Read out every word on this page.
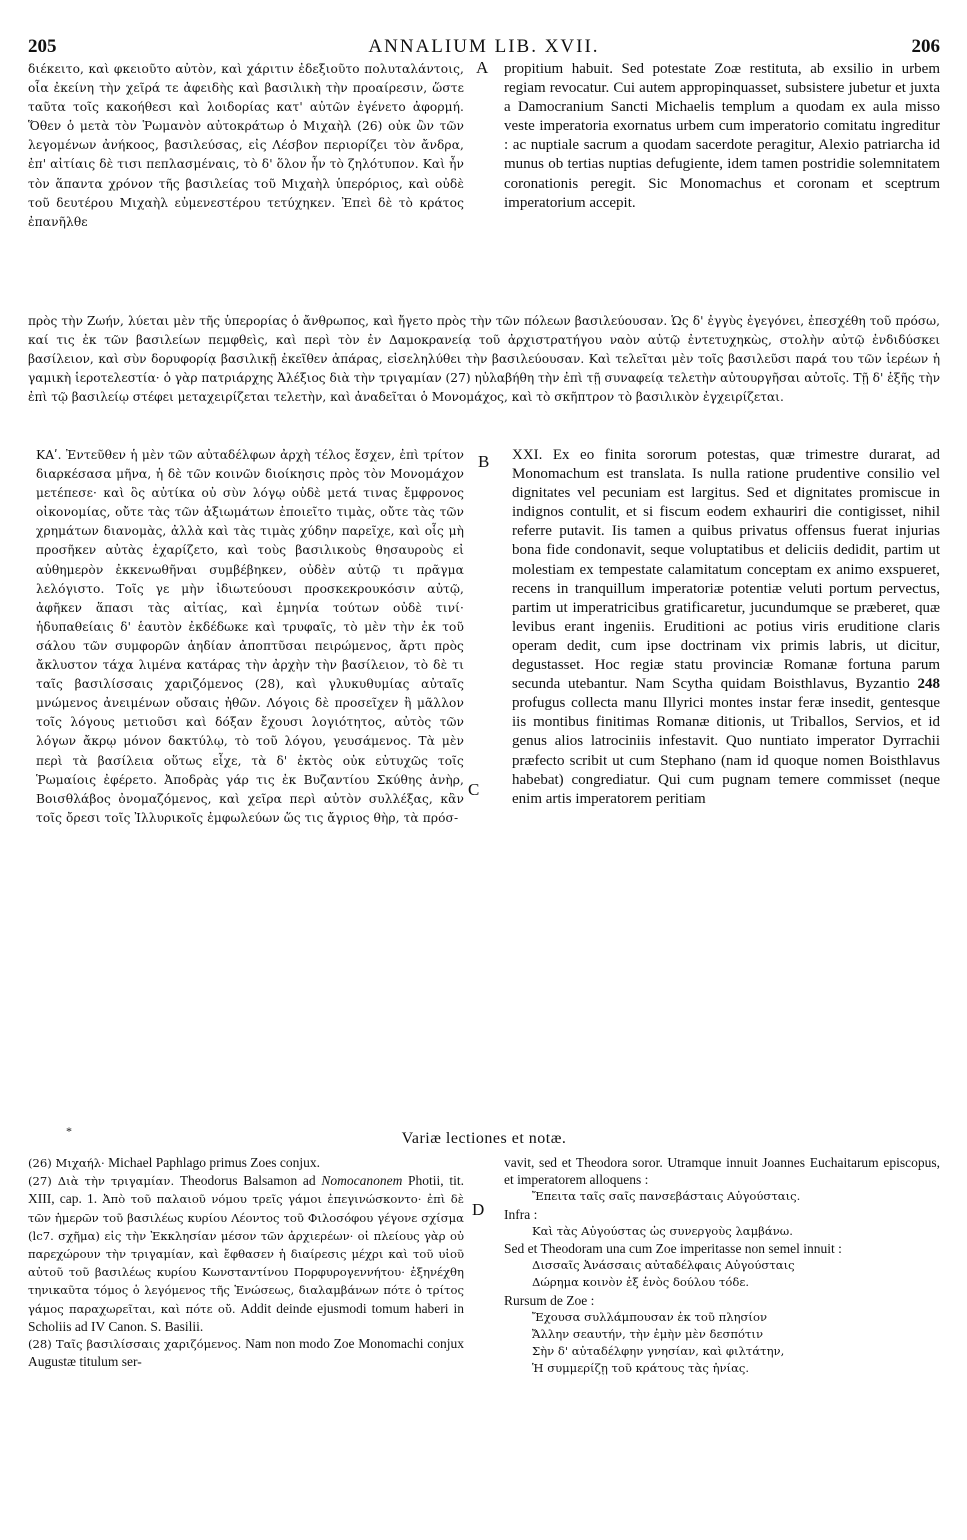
205	ANNALIUM LIB. XVII.	206

διέκειτο, καὶ φκειοῦτο αὐτὸν, καὶ χάριτιν ἐδεξιοῦτο πολυταλάντοις, οἷα ἐκείνη τὴν χεῖρά τε ἀφειδὴς καὶ βασιλικὴ τὴν προαίρεσιν, ὥστε ταῦτα τοῖς κακοήθεσι καὶ λοιδορίας κατ' αὐτῶν ἐγένετο ἀφορμή. Ὅθεν ὁ μετὰ τὸν Ῥωμανὸν αὐτοκράτωρ ὁ Μιχαὴλ (26) οὐκ ὢν τῶν λεγομένων ἀνήκοος, βασιλεύσας, εἰς Λέσβον περιορίζει τὸν ἄνδρα, ἐπ' αἰτίαις δὲ τισι πεπλασμέναις, τὸ δ' ὅλον ἦν τὸ ζηλότυπον. Καὶ ἦν τὸν ἅπαντα χρόνον τῆς βασιλείας τοῦ Μιχαὴλ ὑπερόριος, καὶ οὐδὲ τοῦ δευτέρου Μιχαὴλ εὐμενεστέρου τετύχηκεν. Ἐπεὶ δὲ τὸ κράτος ἐπανῆλθε

A propitium habuit. Sed potestate Zoæ restituta, ab exsilio in urbem regiam revocatur. Cui autem appropinquasset, subsistere jubetur et juxta a Damocranium Sancti Michaelis templum a quodam ex aula misso veste imperatoria exornatus urbem cum imperatorio comitatu ingreditur : ac nuptiale sacrum a quodam sacerdote peragitur, Alexio patriarcha id munus ob tertias nuptias defugiente, idem tamen postridie solemnitatem coronationis peregit. Sic Monomachus et coronam et sceptrum imperatorium accepit.

πρὸς τὴν Ζωήν, λύεται μὲν τῆς ὑπερορίας ὁ ἄνθρωπος, καὶ ἤγετο πρὸς τὴν τῶν πόλεων βασιλεύουσαν. Ὡς δ' ἐγγὺς ἐγεγόνει, ἐπεσχέθη τοῦ πρόσω, καί τις ἐκ τῶν βασιλείων πεμφθεὶς, καὶ περὶ τὸν ἐν Δαμοκρανείᾳ τοῦ ἀρχιστρατήγου ναὸν αὐτῷ ἐντετυχηκὼς, στολὴν αὐτῷ ἐνδιδύσκει βασίλειον, καὶ σὺν δορυφορίᾳ βασιλικῇ ἐκεῖθεν ἀπάρας, εἰσεληλύθει τὴν βασιλεύουσαν. Καὶ τελεῖται μὲν τοῖς βασιλεῦσι παρά του τῶν ἱερέων ἡ γαμικὴ ἱεροτελεστία· ὁ γὰρ πατριάρχης Ἀλέξιος διὰ τὴν τριγαμίαν (27) ηὐλαβήθη τὴν ἐπὶ τῇ συναφείᾳ τελετὴν αὐτουργῆσαι αὐτοῖς. Τῇ δ' ἑξῆς τὴν ἐπὶ τῷ βασιλείῳ στέφει μεταχειρίζεται τελετὴν, καὶ ἀναδεῖται ὁ Μονομάχος, καὶ τὸ σκῆπτρον τὸ βασιλικὸν ἐγχειρίζεται.

ΚΑʹ. Ἐντεῦθεν ἡ μὲν τῶν αὐταδέλφων ἀρχὴ τέλος ἔσχεν, ἐπὶ τρίτον διαρκέσασα μῆνα, ἡ δὲ τῶν κοινῶν διοίκησις πρὸς τὸν Μονομάχον μετέπεσε· καὶ ὃς αὐτίκα οὐ σὺν λόγῳ οὐδὲ μετά τινας ἔμφρονος οἰκονομίας, οὔτε τὰς τῶν ἀξιωμάτων ἐποιεῖτο τιμὰς, οὔτε τὰς τῶν χρημάτων διανομὰς, ἀλλὰ καὶ τὰς τιμὰς χύδην παρεῖχε, καὶ οἷς μὴ προσῆκεν αὐτὰς ἐχαρίζετο, καὶ τοὺς βασιλικοὺς θησαυροὺς εἰ αὐθημερὸν ἐκκενωθῆναι συμβέβηκεν, οὐδὲν αὐτῷ τι πρᾶγμα λελόγιστο. Τοῖς γε μὴν ἰδιωτεύουσι προσκεκρουκόσιν αὐτῷ, ἀφῆκεν ἅπασι τὰς αἰτίας, καὶ ἐμηνία τούτων οὐδὲ τινί· ἡδυπαθείαις δ' ἑαυτὸν ἐκδέδωκε καὶ τρυφαῖς, τὸ μὲν τὴν ἐκ τοῦ σάλου τῶν συμφορῶν ἀηδίαν ἀποπτῦσαι πειρώμενος, ἄρτι πρὸς ἄκλυστον τάχα λιμένα κατάρας τὴν ἀρχὴν τὴν βασίλειον, τὸ δὲ τι ταῖς βασιλίσσαις χαριζόμενος (28), καὶ γλυκυθυμίας αὐταῖς μνώμενος ἀνειμένων οὔσαις ἠθῶν. Λόγοις δὲ προσεῖχεν ἢ μᾶλλον τοῖς λόγους μετιοῦσι καὶ δόξαν ἔχουσι λογιότητος, αὐτὸς τῶν λόγων ἄκρῳ μόνον δακτύλῳ, τὸ τοῦ λόγου, γευσάμενος. Τὰ μὲν περὶ τὰ βασίλεια οὕτως εἶχε, τὰ δ' ἐκτὸς οὐκ εὐτυχῶς τοῖς Ῥωμαίοις ἐφέρετο. Ἀποδρὰς γάρ τις ἐκ Βυζαντίου Σκύθης ἀνὴρ, Βοισθλάβος ὀνομαζόμενος, καὶ χεῖρα περὶ αὐτὸν συλλέξας, κἂν τοῖς ὄρεσι τοῖς Ἰλλυρικοῖς ἐμφωλεύων ὥς τις ἄγριος θὴρ, τὰ πρόσ-

B
C

XXI. Ex eo finita sororum potestas, quæ trimestre durarat, ad Monomachum est translata. Is nulla ratione prudentive consilio vel dignitates vel pecuniam est largitus. Sed et dignitates promiscue in indignos contulit, et si fiscum eodem exhauriri die contigisset, nihil referre putavit. Iis tamen a quibus privatus offensus fuerat injurias bona fide condonavit, seque voluptatibus et deliciis dedidit, partim ut molestiam ex tempestate calamitatum conceptam ex animo exspueret, recens in tranquillum imperatoriæ potentiæ veluti portum pervectus, partim ut imperatricibus gratificaretur, jucundumque se præberet, quæ levibus erant ingeniis. Eruditioni ac potius viris eruditione claris operam dedit, cum ipse doctrinam vix primis labris, ut dicitur, degustasset. Hoc regiæ statu provinciæ Romanæ fortuna parum secunda utebantur. Nam Scytha quidam Boisthlavus, Byzantio 248 profugus collecta manu Illyrici montes instar feræ insedit, gentesque iis montibus finitimas Romanæ ditionis, ut Triballos, Servios, et id genus alios latrociniis infestavit. Quo nuntiato imperator Dyrrachii præfecto scribit ut cum Stephano (nam id quoque nomen Boisthlavus habebat) congrediatur. Qui cum pugnam temere commisset (neque enim artis imperatorem peritiam

*	Variæ lectiones et notæ.

(26) Μιχαήλ· Michael Paphlago primus Zoes conjux.

(27) Διὰ τὴν τριγαμίαν. Theodorus Balsamon ad Nomocanonem Photii, tit. XIII, cap. 1. Ἀπὸ τοῦ παλαιοῦ νόμου τρεῖς γάμοι ἐπεγινώσκοντο· ἐπὶ δὲ τῶν ἡμερῶν τοῦ βασιλέως κυρίου Λέοντος τοῦ Φιλοσόφου γέγονε σχίσμα (lc7. σχῆμα) εἰς τὴν Ἐκκλησίαν μέσον τῶν ἀρχιερέων· οἱ πλείους γὰρ οὐ παρεχώρουν τὴν τριγαμίαν, καὶ ἔφθασεν ἡ διαίρεσις μέχρι καὶ τοῦ υἱοῦ αὐτοῦ τοῦ βασιλέως κυρίου Κωνσταντίνου Πορφυρογεννήτου· ἐξηνέχθη τηνικαῦτα τόμος ὁ λεγόμενος τῆς Ἑνώσεως, διαλαμβάνων πότε ὁ τρίτος γάμος παραχωρεῖται, καὶ πότε οὔ. Addit deinde ejusmodi tomum haberi in Scholiis ad IV Canon. S. Basilii.

(28) Ταῖς βασιλίσσαις χαριζόμενος. Nam non modo Zoe Monomachi conjux Augustæ titulum ser-

D

vavit, sed et Theodora soror. Utramque innuit Joannes Euchaitarum episcopus, et imperatorem alloquens :

Ἔπειτα ταῖς σαῖς πανσεβάσταις Αὐγούσταις.

Infra :

Καὶ τὰς Αὐγούστας ὡς συνεργοὺς λαμβάνω.

Sed et Theodoram una cum Zoe imperitasse non semel innuit :

Δισσαῖς Ἀνάσσαις αὐταδέλφαις Αὐγούσταις

Δώρημα κοινὸν ἐξ ἑνὸς δούλου τόδε.

Rursum de Zoe :

Ἔχουσα συλλάμπουσαν ἐκ τοῦ πλησίον

Ἄλλην σεαυτήν, τὴν ἐμὴν μὲν δεσπότιν

Σὴν δ' αὐταδέλφην γνησίαν, καὶ φιλτάτην,

Ἡ συμμερίζῃ τοῦ κράτους τὰς ἡνίας.
